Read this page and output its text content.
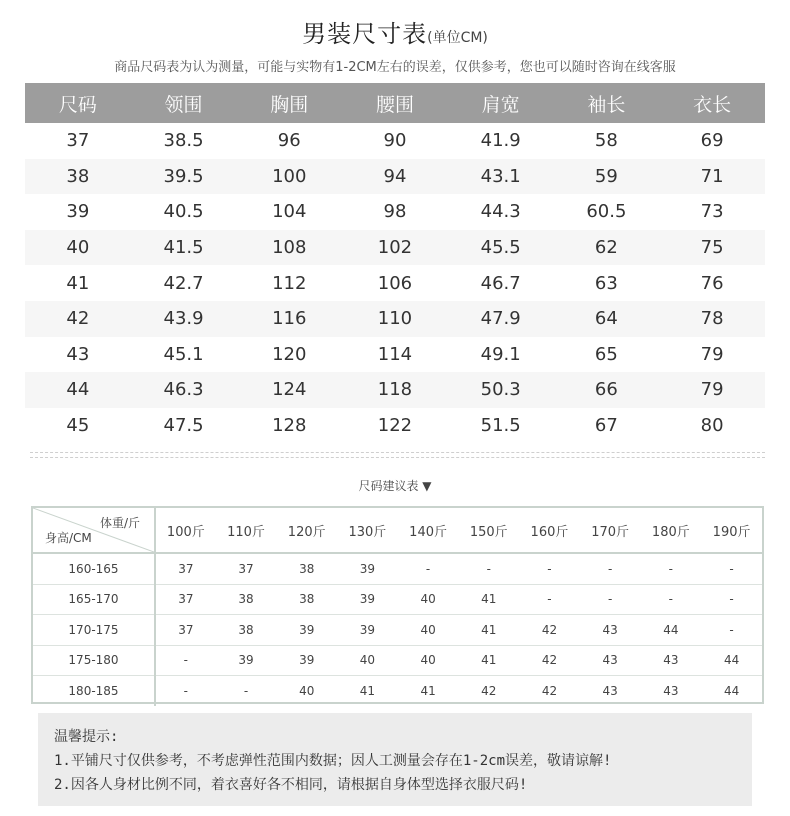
男装尺寸表(单位CM)
商品尺码表为认为测量，可能与实物有1-2CM左右的误差，仅供参考，您也可以随时咨询在线客服
尺码	领围	胸围	腰围	肩宽	袖长	衣长
37	38.5	96	90	41.9	58	69
38	39.5	100	94	43.1	59	71
39	40.5	104	98	44.3	60.5	73
40	41.5	108	102	45.5	62	75
41	42.7	112	106	46.7	63	76
42	43.9	116	110	47.9	64	78
43	45.1	120	114	49.1	65	79
44	46.3	124	118	50.3	66	79
45	47.5	128	122	51.5	67	80
尺码建议表 ▼
体重/斤
身高/CM	100斤	110斤	120斤	130斤	140斤	150斤	160斤	170斤	180斤	190斤
160-165	37	37	38	39	-	-	-	-	-	-
165-170	37	38	38	39	40	41	-	-	-	-
170-175	37	38	39	39	40	41	42	43	44	-
175-180	-	39	39	40	40	41	42	43	43	44
180-185	-	-	40	41	41	42	42	43	43	44
温馨提示:
1.平铺尺寸仅供参考，不考虑弹性范围内数据；因人工测量会存在1-2cm误差，敬请谅解!
2.因各人身材比例不同，着衣喜好各不相同，请根据自身体型选择衣服尺码!
